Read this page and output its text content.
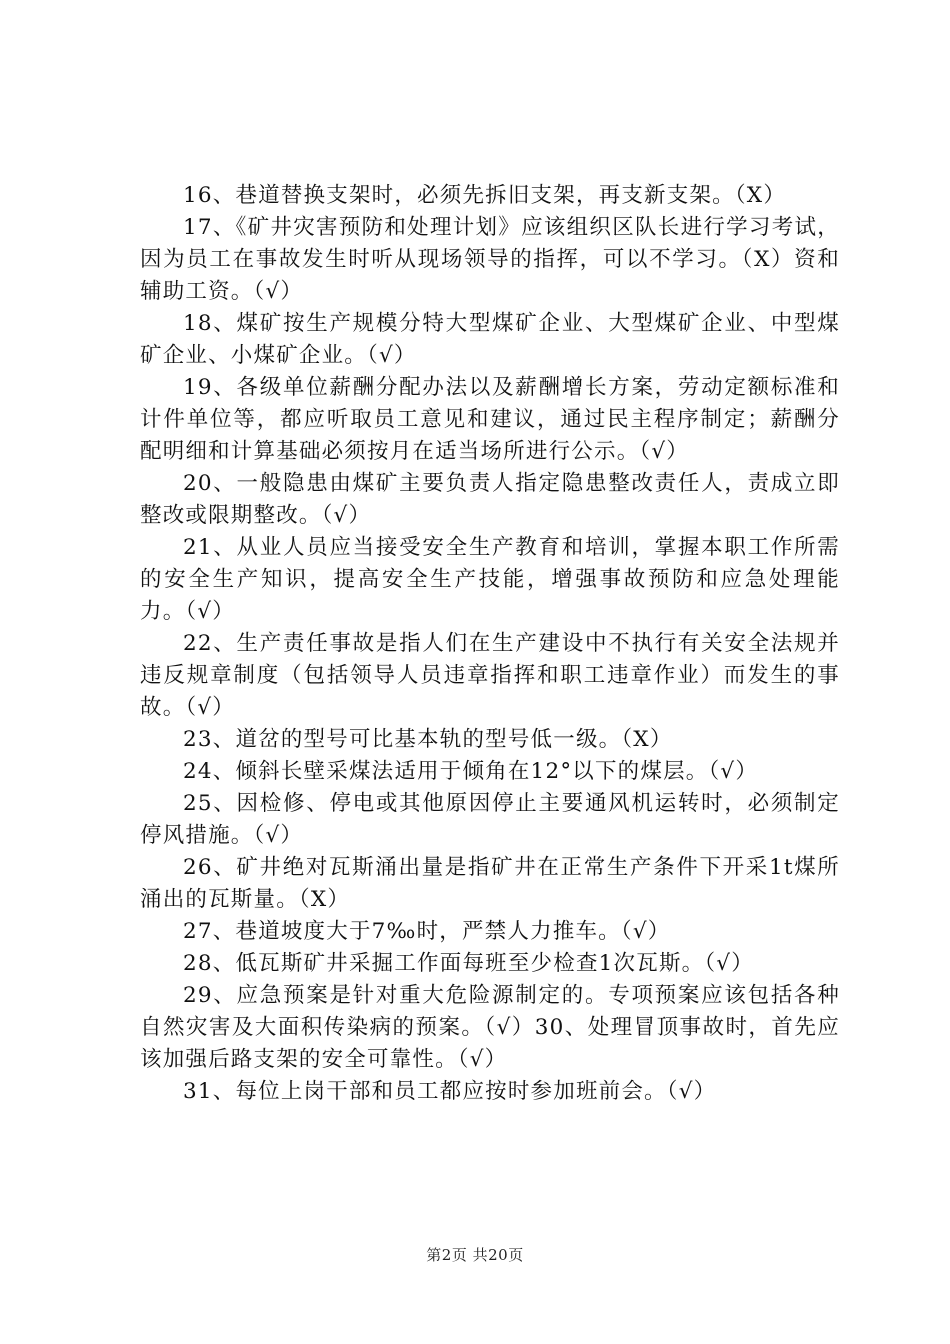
16、巷道替换支架时，必须先拆旧支架，再支新支架。（X）

17、《矿井灾害预防和处理计划》应该组织区队长进行学习考试，因为员工在事故发生时听从现场领导的指挥，可以不学习。（X）资和辅助工资。（√）

18、煤矿按生产规模分特大型煤矿企业、大型煤矿企业、中型煤矿企业、小煤矿企业。（√）

19、各级单位薪酬分配办法以及薪酬增长方案，劳动定额标准和计件单位等，都应听取员工意见和建议，通过民主程序制定；薪酬分配明细和计算基础必须按月在适当场所进行公示。（√）

20、一般隐患由煤矿主要负责人指定隐患整改责任人，责成立即整改或限期整改。（√）

21、从业人员应当接受安全生产教育和培训，掌握本职工作所需的安全生产知识，提高安全生产技能，增强事故预防和应急处理能力。（√）

22、生产责任事故是指人们在生产建设中不执行有关安全法规并违反规章制度（包括领导人员违章指挥和职工违章作业）而发生的事故。（√）

23、道岔的型号可比基本轨的型号低一级。（X）

24、倾斜长壁采煤法适用于倾角在12°以下的煤层。（√）

25、因检修、停电或其他原因停止主要通风机运转时，必须制定停风措施。（√）

26、矿井绝对瓦斯涌出量是指矿井在正常生产条件下开采1t煤所涌出的瓦斯量。（X）

27、巷道坡度大于7‰时，严禁人力推车。（√）

28、低瓦斯矿井采掘工作面每班至少检查1次瓦斯。（√）

29、应急预案是针对重大危险源制定的。专项预案应该包括各种自然灾害及大面积传染病的预案。（√）30、处理冒顶事故时，首先应该加强后路支架的安全可靠性。（√）

31、每位上岗干部和员工都应按时参加班前会。（√）

第2页 共20页
